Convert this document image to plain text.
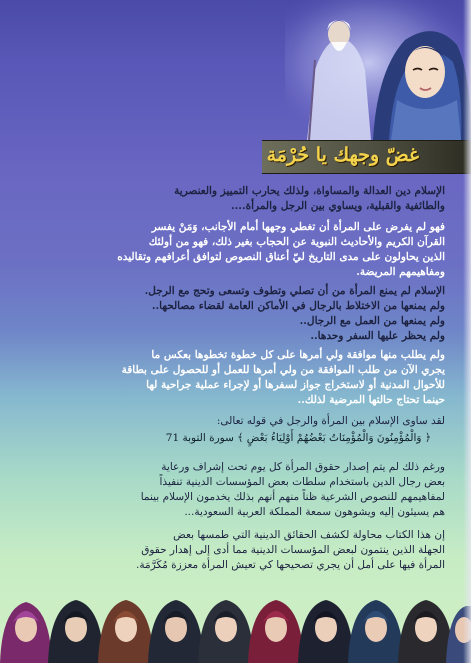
غضّ وجهك يا حُرْمَة
الإسلام دين العدالة والمساواة، ولذلك يحارب التمييز والعنصرية
والطائفية والقبلية، ويساوي بين الرجل والمرأة....
فهو لم يفرض على المرأة أن تغطي وجهها أمام الأجانب، وَمَنْ يفسر
القرآن الكريم والأحاديث النبوية عن الحجاب بغير ذلك، فهو من أولئك
الذين يحاولون على مدى التاريخ ليّ أعناق النصوص لتوافق أعرافهم وتقاليده
ومفاهيمهم المريضة.
الإسلام لم يمنع المرأة من أن تصلي وتطوف وتسعى وتحج مع الرجل.
ولم يمنعها من الاختلاط بالرجال في الأماكن العامة لقضاء مصالحها..
ولم يمنعها من العمل مع الرجال..
ولم يحظر عليها السفر وحدها..
ولم يطلب منها موافقة ولي أمرها على كل خطوة تخطوها بعكس ما
يجري الآن من طلب الموافقة من ولي أمرها للعمل أو للحصول على بطاقة
للأحوال المدنية أو لاستخراج جواز لسفرها أو لإجراء عملية جراحية لها
حينما تحتاج حالتها المرضية لذلك..
لقد ساوى الإسلام بين المرأة والرجل في قوله تعالى:
﴿ وَالْمُؤْمِنُونَ وَالْمُؤْمِنَاتُ بَعْضُهُمْ أَوْلِيَاءُ بَعْضٍ ﴾ سورة التوبة 71
ورغم ذلك لم يتم إصدار حقوق المرأة كل يوم تحت إشراف ورعاية
بعض رجال الدين باستخدام سلطات بعض المؤسسات الدينية تنفيذاً
لمفاهيمهم للنصوص الشرعية ظناً منهم أنهم بذلك يخدمون الإسلام بينما
هم يسيئون إليه ويشوهون سمعة المملكة العربية السعودية...
إن هذا الكتاب محاولة لكشف الحقائق الدينية التي طمسها بعض
الجهلة الذين ينتمون لبعض المؤسسات الدينية مما أدى إلى إهدار حقوق
المرأة فيها على أمل أن يجري تصحيحها كي تعيش المرأة معززة مُكَرَّمَة.
